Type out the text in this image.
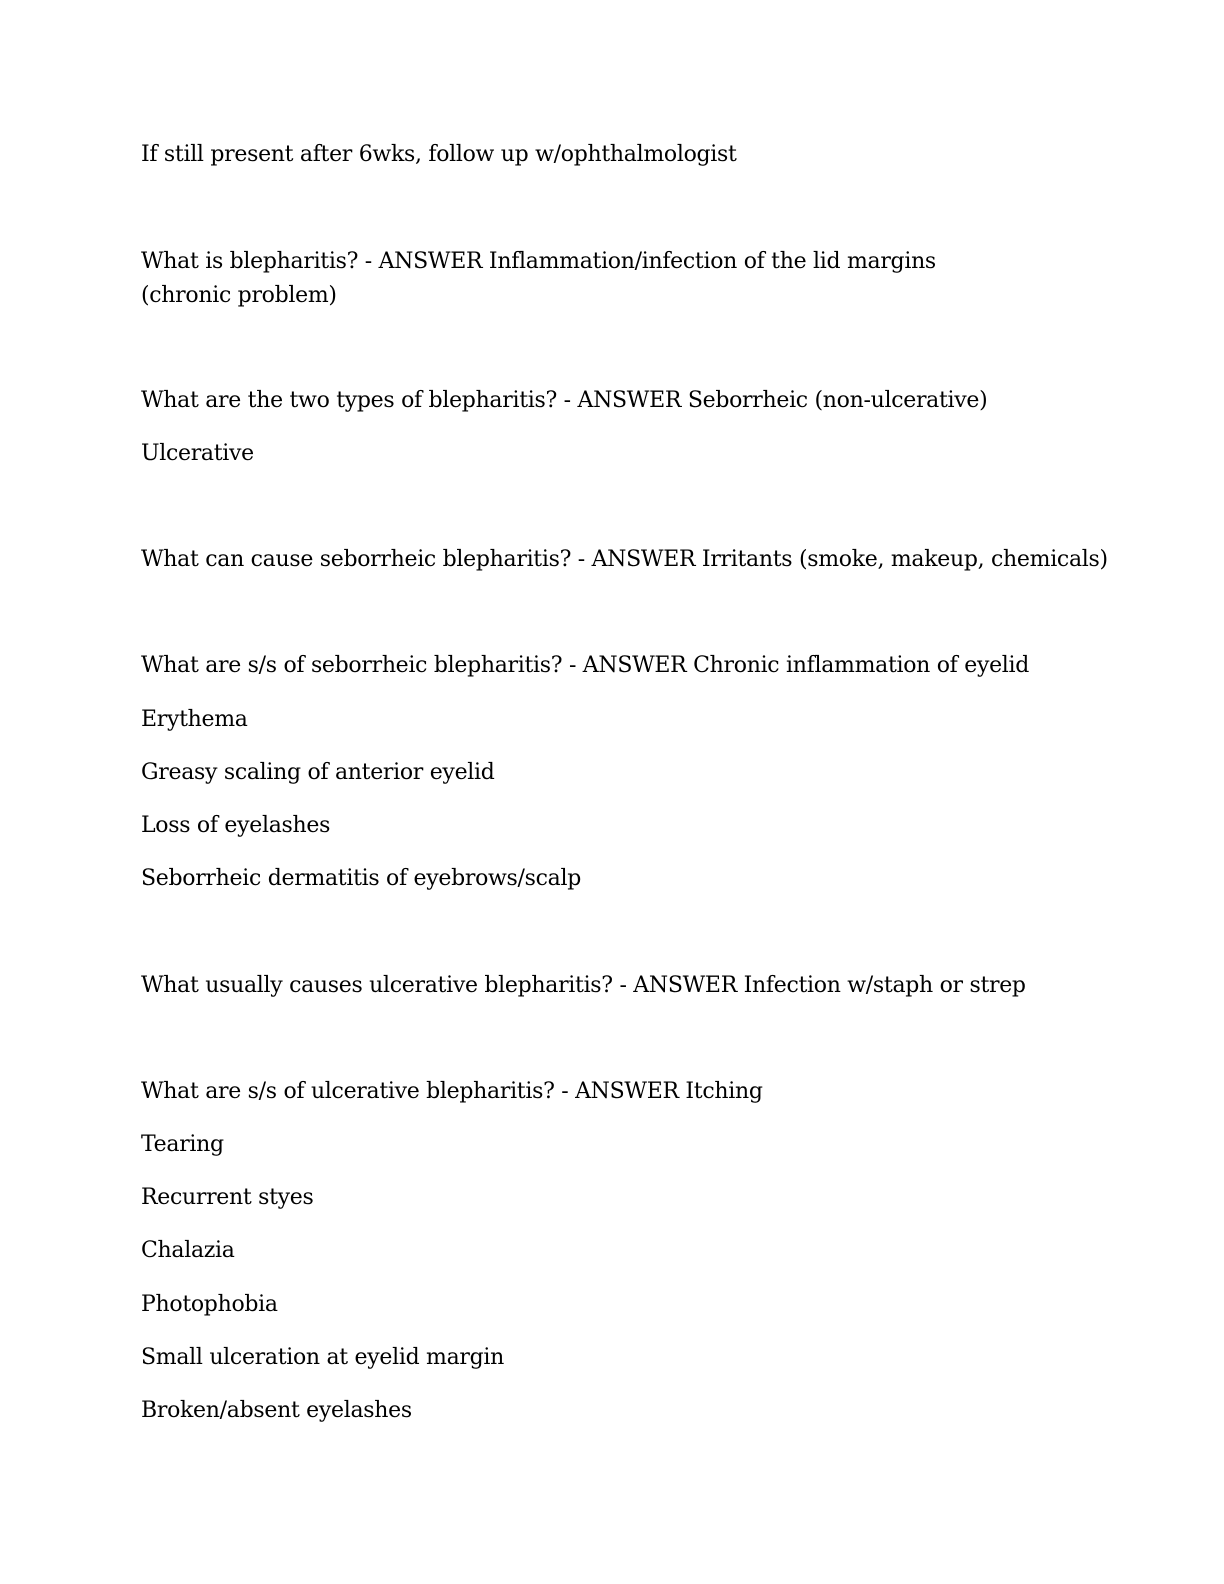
If still present after 6wks, follow up w/ophthalmologist
What is blepharitis? - ANSWER Inflammation/infection of the lid margins (chronic problem)
What are the two types of blepharitis? - ANSWER Seborrheic (non-ulcerative)
Ulcerative
What can cause seborrheic blepharitis? - ANSWER Irritants (smoke, makeup, chemicals)
What are s/s of seborrheic blepharitis? - ANSWER Chronic inflammation of eyelid
Erythema
Greasy scaling of anterior eyelid
Loss of eyelashes
Seborrheic dermatitis of eyebrows/scalp
What usually causes ulcerative blepharitis? - ANSWER Infection w/staph or strep
What are s/s of ulcerative blepharitis? - ANSWER Itching
Tearing
Recurrent styes
Chalazia
Photophobia
Small ulceration at eyelid margin
Broken/absent eyelashes
